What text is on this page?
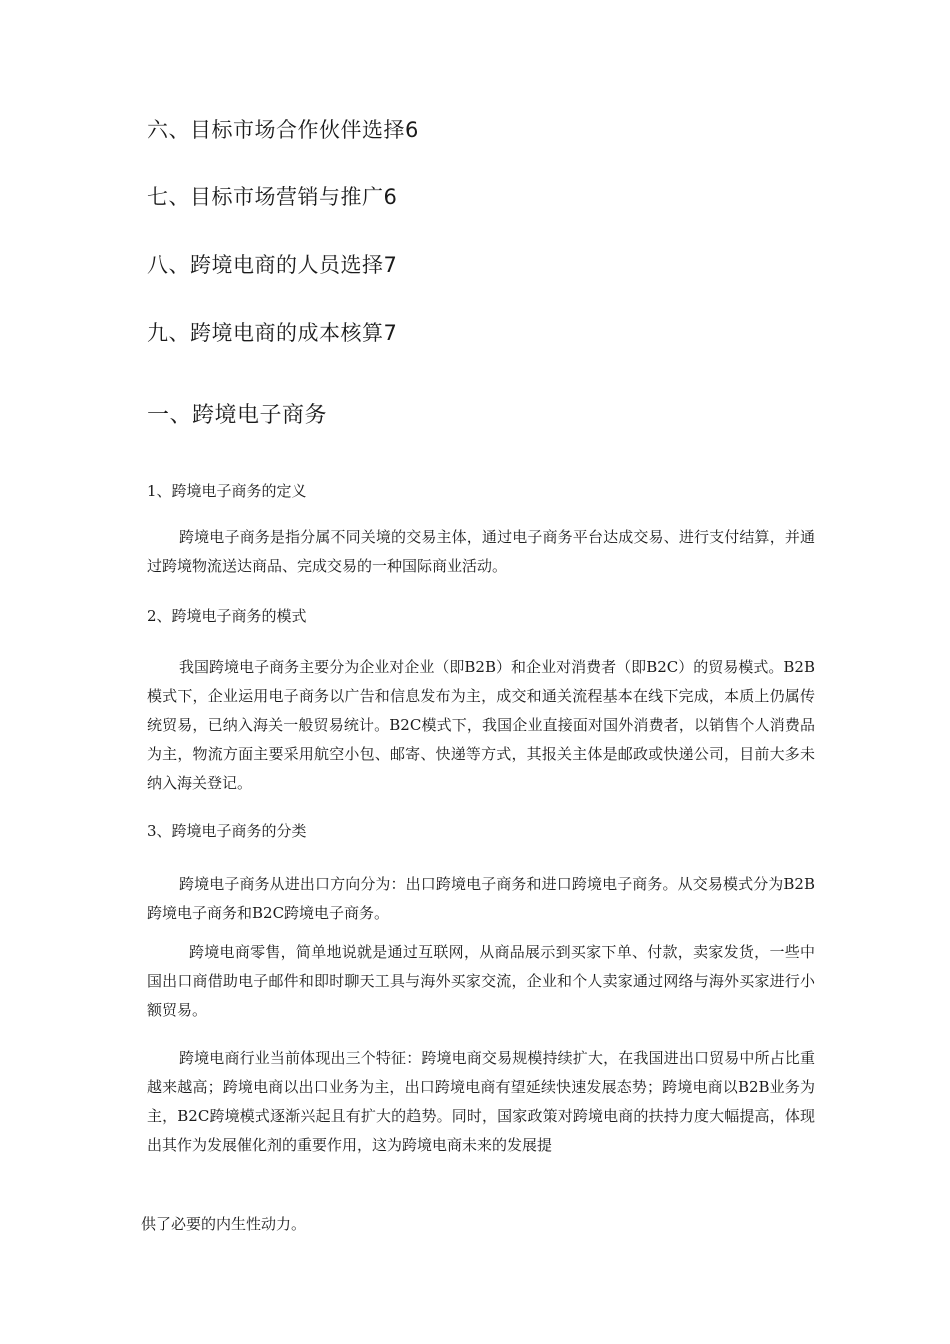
六、目标市场合作伙伴选择6
七、目标市场营销与推广6
八、跨境电商的人员选择7
九、跨境电商的成本核算7
一、跨境电子商务
1、跨境电子商务的定义
跨境电子商务是指分属不同关境的交易主体，通过电子商务平台达成交易、进行支付结算，并通过跨境物流送达商品、完成交易的一种国际商业活动。
2、跨境电子商务的模式
我国跨境电子商务主要分为企业对企业（即B2B）和企业对消费者（即B2C）的贸易模式。B2B模式下，企业运用电子商务以广告和信息发布为主，成交和通关流程基本在线下完成，本质上仍属传统贸易，已纳入海关一般贸易统计。B2C模式下，我国企业直接面对国外消费者，以销售个人消费品为主，物流方面主要采用航空小包、邮寄、快递等方式，其报关主体是邮政或快递公司，目前大多未纳入海关登记。
3、跨境电子商务的分类
跨境电子商务从进出口方向分为：出口跨境电子商务和进口跨境电子商务。从交易模式分为B2B跨境电子商务和B2C跨境电子商务。
跨境电商零售，简单地说就是通过互联网，从商品展示到买家下单、付款，卖家发货，一些中国出口商借助电子邮件和即时聊天工具与海外买家交流，企业和个人卖家通过网络与海外买家进行小额贸易。
跨境电商行业当前体现出三个特征：跨境电商交易规模持续扩大，在我国进出口贸易中所占比重越来越高；跨境电商以出口业务为主，出口跨境电商有望延续快速发展态势；跨境电商以B2B业务为主，B2C跨境模式逐渐兴起且有扩大的趋势。同时，国家政策对跨境电商的扶持力度大幅提高，体现出其作为发展催化剂的重要作用，这为跨境电商未来的发展提
供了必要的内生性动力。
